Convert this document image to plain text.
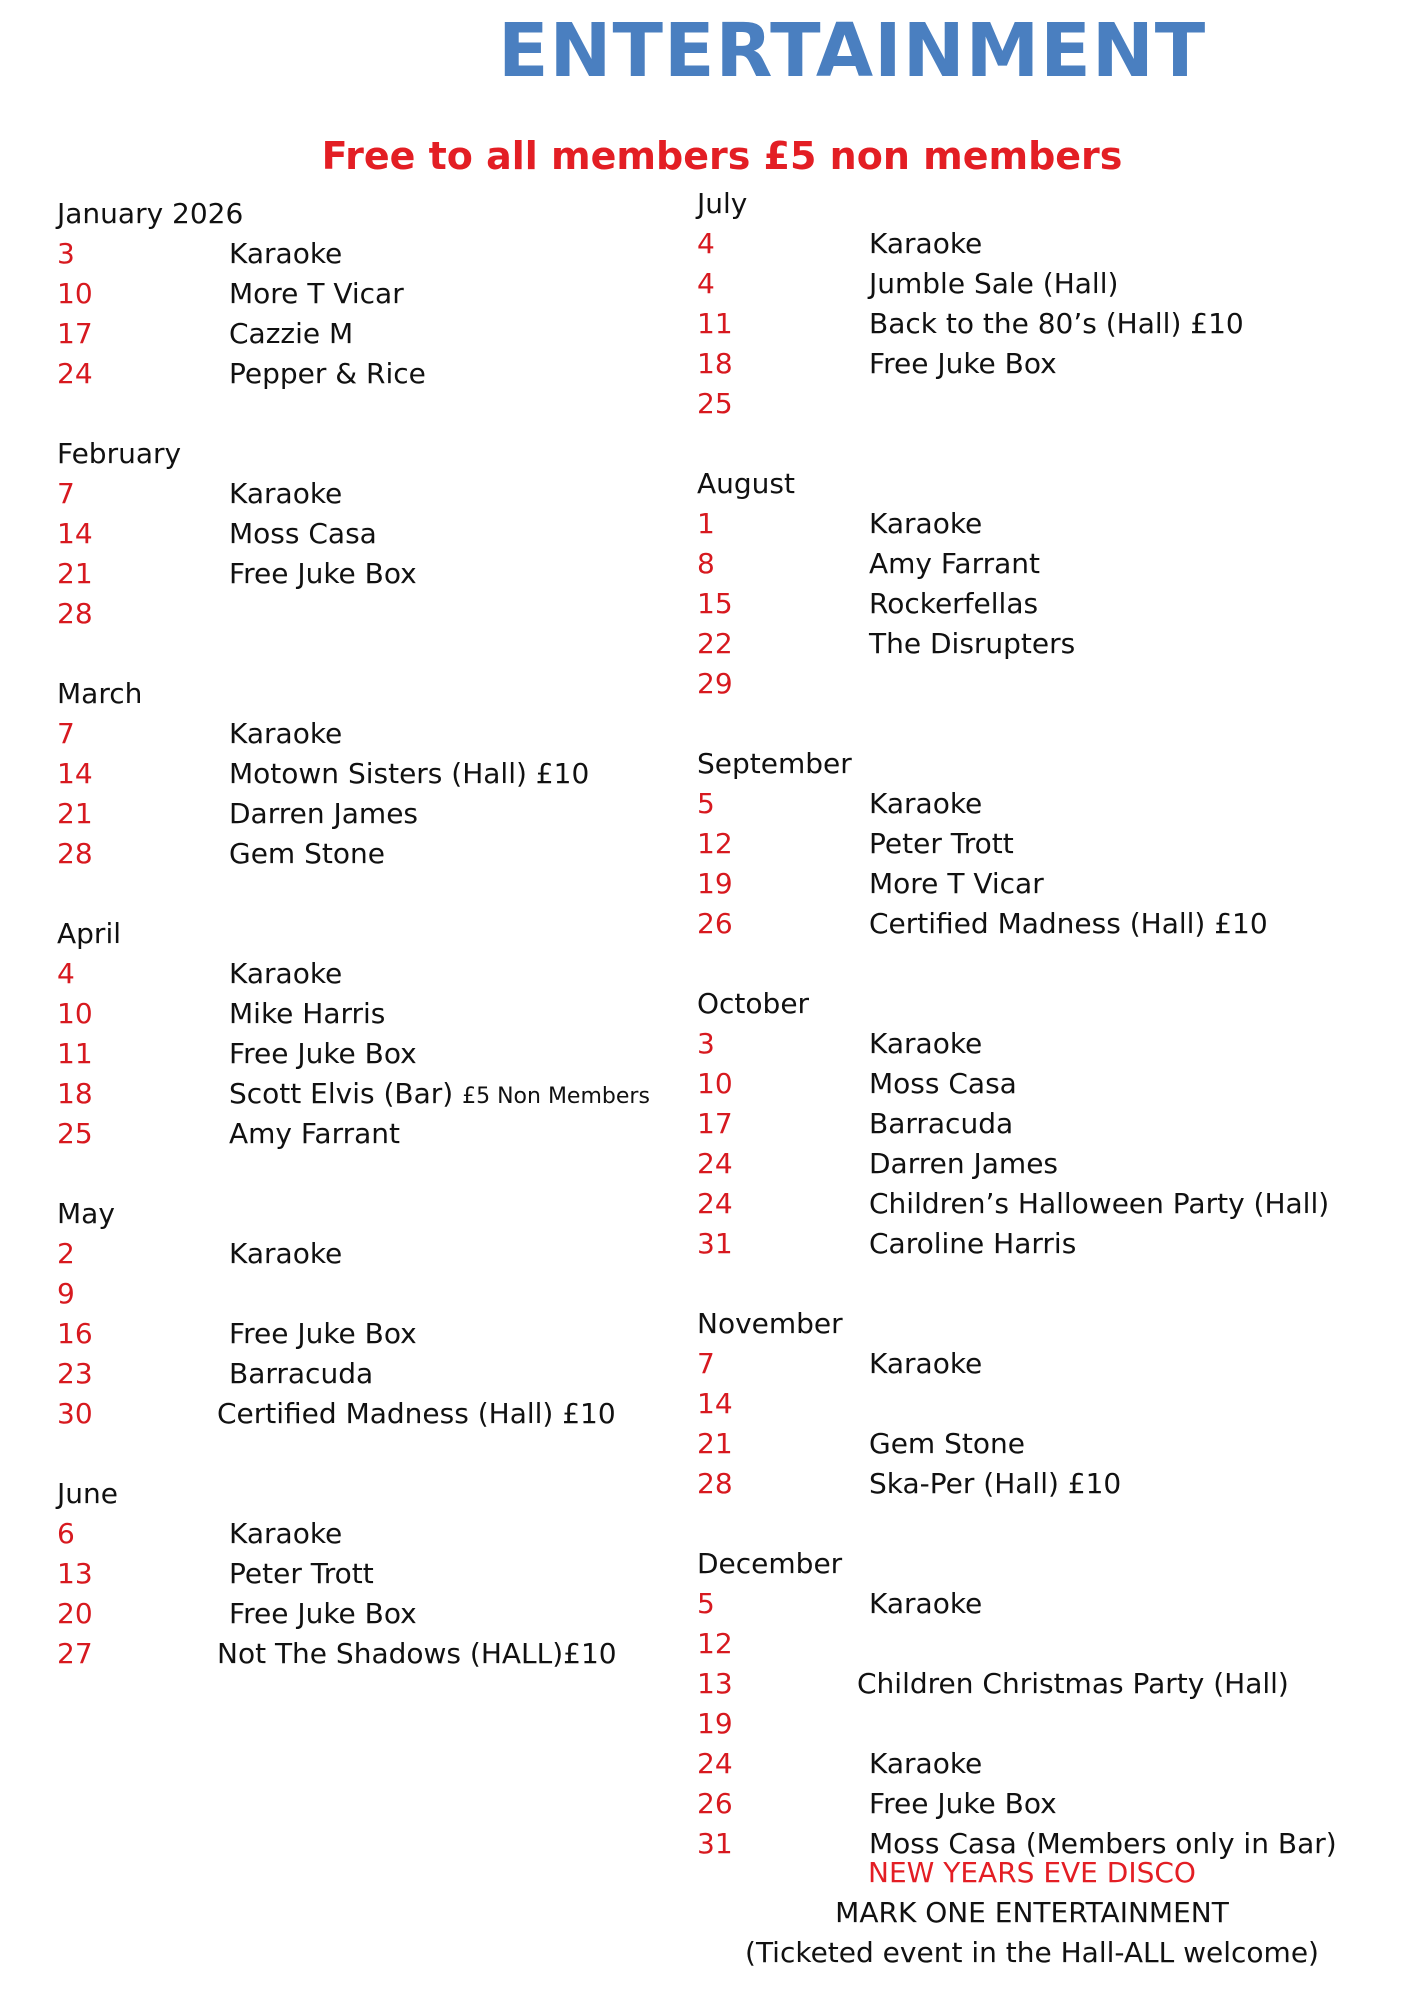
ENTERTAINMENT
Free to all members £5 non members
January 2026
3	Karaoke
10	More T Vicar
17	Cazzie M
24	Pepper & Rice
February
7	Karaoke
14	Moss Casa
21	Free Juke Box
28
March
7	Karaoke
14	Motown Sisters (Hall) £10
21	Darren James
28	Gem Stone
April
4	Karaoke
10	Mike Harris
11	Free Juke Box
18	Scott Elvis (Bar) £5 Non Members
25	Amy Farrant
May
2	Karaoke
9
16	Free Juke Box
23	Barracuda
30	Certified Madness (Hall) £10
June
6	Karaoke
13	Peter Trott
20	Free Juke Box
27	Not The Shadows (HALL)£10
July
4	Karaoke
4	Jumble Sale (Hall)
11	Back to the 80’s (Hall) £10
18	Free Juke Box
25
August
1	Karaoke
8	Amy Farrant
15	Rockerfellas
22	The Disrupters
29
September
5	Karaoke
12	Peter Trott
19	More T Vicar
26	Certified Madness (Hall) £10
October
3	Karaoke
10	Moss Casa
17	Barracuda
24	Darren James
24	Children’s Halloween Party (Hall)
31	Caroline Harris
November
7	Karaoke
14
21	Gem Stone
28	Ska-Per (Hall) £10
December
5	Karaoke
12
13	Children Christmas Party (Hall)
19
24	Karaoke
26	Free Juke Box
31	Moss Casa (Members only in Bar)
NEW YEARS EVE DISCO
MARK ONE ENTERTAINMENT
(Ticketed event in the Hall-ALL welcome)
